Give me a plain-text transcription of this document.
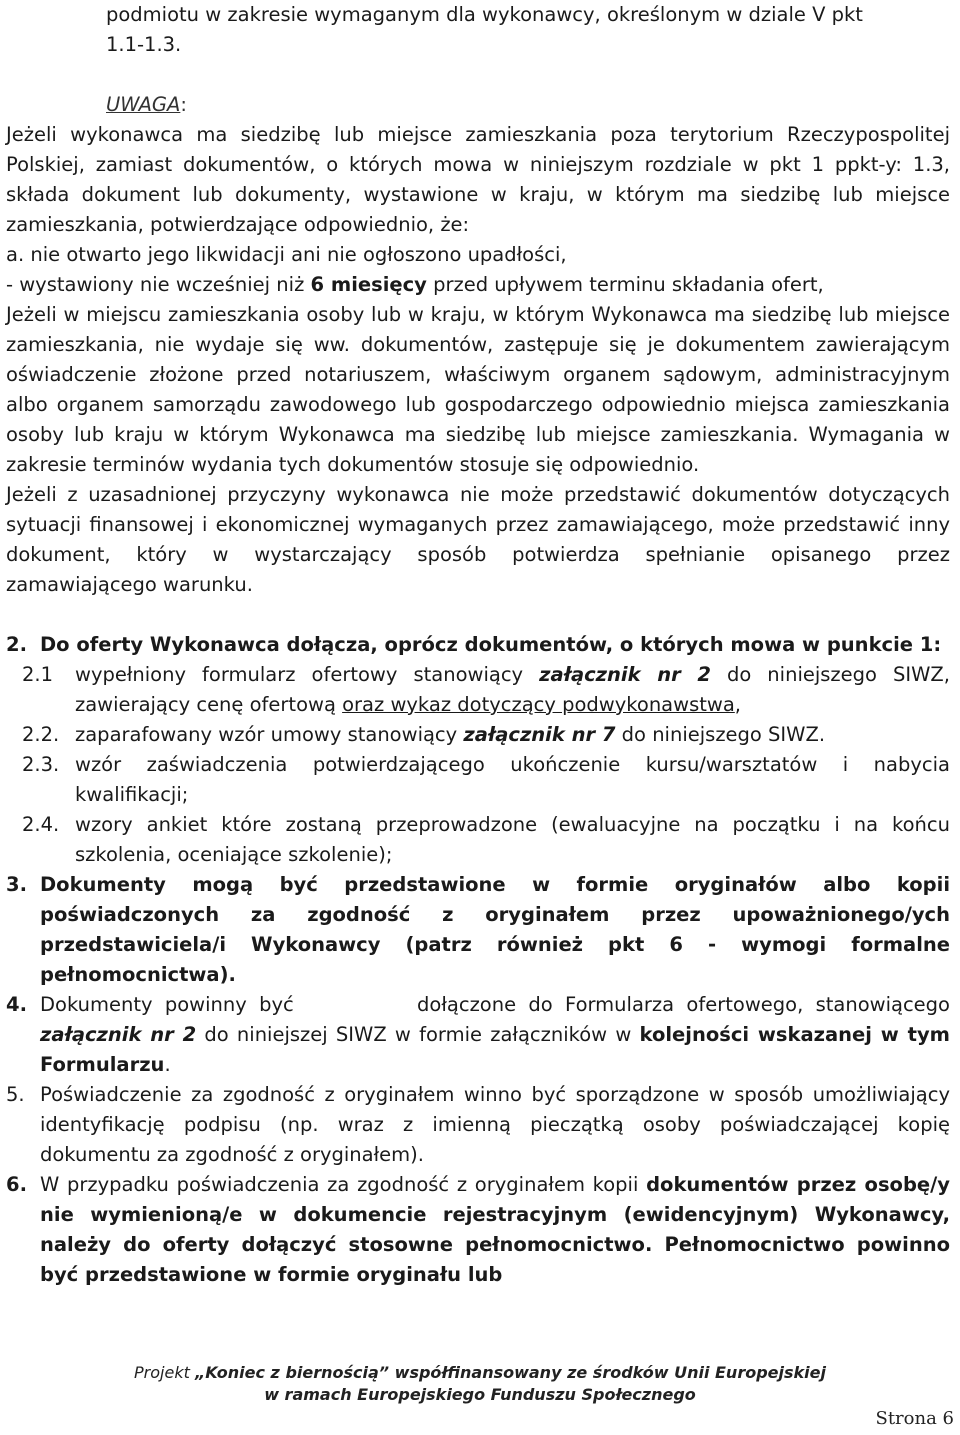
podmiotu w zakresie wymaganym dla wykonawcy, określonym w dziale V pkt

1.1-1.3.

UWAGA:

Jeżeli wykonawca ma siedzibę lub miejsce zamieszkania poza terytorium Rzeczypospolitej Polskiej, zamiast dokumentów, o których mowa w niniejszym rozdziale w pkt 1 ppkt-y: 1.3, składa dokument lub dokumenty, wystawione w kraju, w którym ma siedzibę lub miejsce zamieszkania, potwierdzające odpowiednio, że:

a. nie otwarto jego likwidacji ani nie ogłoszono upadłości,

- wystawiony nie wcześniej niż 6 miesięcy przed upływem terminu składania ofert,

Jeżeli w miejscu zamieszkania osoby lub w kraju, w którym Wykonawca ma siedzibę lub miejsce zamieszkania, nie wydaje się ww. dokumentów, zastępuje się je dokumentem zawierającym oświadczenie złożone przed notariuszem, właściwym organem sądowym, administracyjnym albo organem samorządu zawodowego lub gospodarczego odpowiednio miejsca zamieszkania osoby lub kraju w którym Wykonawca ma siedzibę lub miejsce zamieszkania. Wymagania w zakresie terminów wydania tych dokumentów stosuje się odpowiednio.

Jeżeli z uzasadnionej przyczyny wykonawca nie może przedstawić dokumentów dotyczących sytuacji finansowej i ekonomicznej wymaganych przez zamawiającego, może przedstawić inny dokument, który w wystarczający sposób potwierdza spełnianie opisanego przez zamawiającego warunku.

2. Do oferty Wykonawca dołącza, oprócz dokumentów, o których mowa w punkcie 1:
2.1	wypełniony formularz ofertowy stanowiący załącznik nr 2 do niniejszego SIWZ, zawierający cenę ofertową oraz wykaz dotyczący podwykonawstwa,
2.2. zaparafowany wzór umowy stanowiący załącznik nr 7 do niniejszego SIWZ.
2.3. wzór zaświadczenia potwierdzającego ukończenie kursu/warsztatów i nabycia kwalifikacji;
2.4. wzory ankiet które zostaną przeprowadzone (ewaluacyjne na początku i na końcu szkolenia, oceniające szkolenie);
3. Dokumenty mogą być przedstawione w formie oryginałów albo kopii poświadczonych za zgodność z oryginałem przez upoważnionego/ych przedstawiciela/i Wykonawcy (patrz również pkt 6 - wymogi formalne pełnomocnictwa).
4. Dokumenty powinny być          dołączone do Formularza ofertowego, stanowiącego załącznik nr 2 do niniejszej SIWZ w formie załączników w kolejności wskazanej w tym Formularzu.
5. Poświadczenie za zgodność z oryginałem winno być sporządzone w sposób umożliwiający identyfikację podpisu (np. wraz z imienną pieczątką osoby poświadczającej kopię dokumentu za zgodność z oryginałem).
6. W przypadku poświadczenia za zgodność z oryginałem kopii dokumentów przez osobę/y nie wymienioną/e w dokumencie rejestracyjnym (ewidencyjnym) Wykonawcy, należy do oferty dołączyć stosowne pełnomocnictwo. Pełnomocnictwo powinno być przedstawione w formie oryginału lub
Projekt „Koniec z biernością” współfinansowany ze środków Unii Europejskiej
w ramach Europejskiego Funduszu Społecznego
Strona 6
